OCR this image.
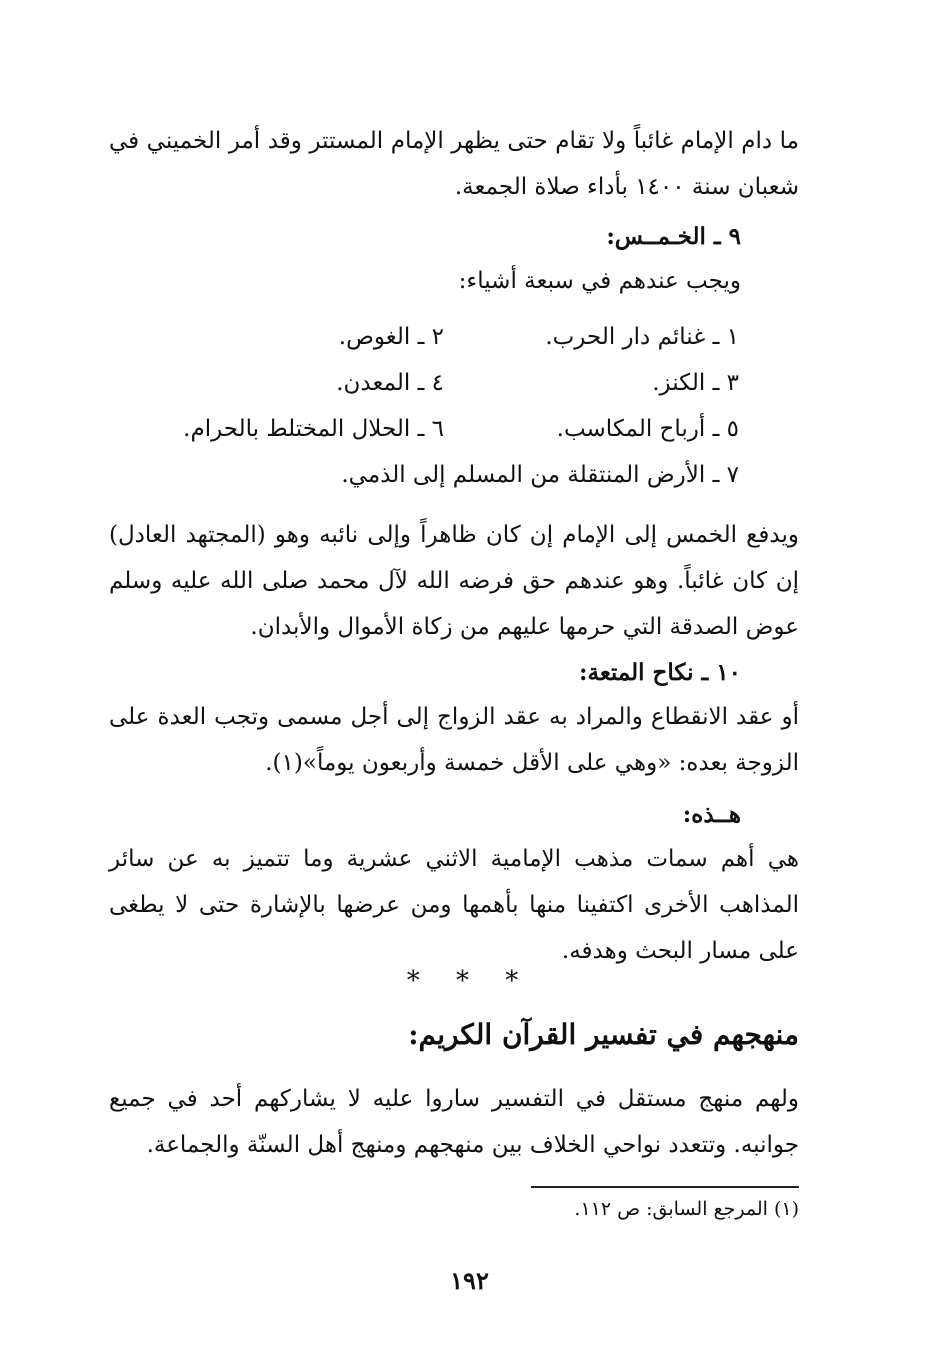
ما دام الإمام غائباً ولا تقام حتى يظهر الإمام المستتر وقد أمر الخميني في شعبان سنة ١٤٠٠ بأداء صلاة الجمعة.

٩ ـ الخـمــس:
ويجب عندهم في سبعة أشياء:
١ ـ غنائم دار الحرب.
٢ ـ الغوص.
٣ ـ الكنز.
٤ ـ المعدن.
٥ ـ أرباح المكاسب.
٦ ـ الحلال المختلط بالحرام.
٧ ـ الأرض المنتقلة من المسلم إلى الذمي.

ويدفع الخمس إلى الإمام إن كان ظاهراً وإلى نائبه وهو (المجتهد العادل) إن كان غائباً. وهو عندهم حق فرضه الله لآل محمد صلى الله عليه وسلم عوض الصدقة التي حرمها عليهم من زكاة الأموال والأبدان.

١٠ ـ نكاح المتعة:

أو عقد الانقطاع والمراد به عقد الزواج إلى أجل مسمى وتجب العدة على الزوجة بعده: «وهي على الأقل خمسة وأربعون يوماً»(١).

هــذه:

هي أهم سمات مذهب الإمامية الاثني عشرية وما تتميز به عن سائر المذاهب الأخرى اكتفينا منها بأهمها ومن عرضها بالإشارة حتى لا يطغى على مسار البحث وهدفه.

* * *
منهجهم في تفسير القرآن الكريم:

ولهم منهج مستقل في التفسير ساروا عليه لا يشاركهم أحد في جميع جوانبه. وتتعدد نواحي الخلاف بين منهجهم ومنهج أهل السنّة والجماعة.

(١) المرجع السابق: ص ١١٢.
١٩٢
